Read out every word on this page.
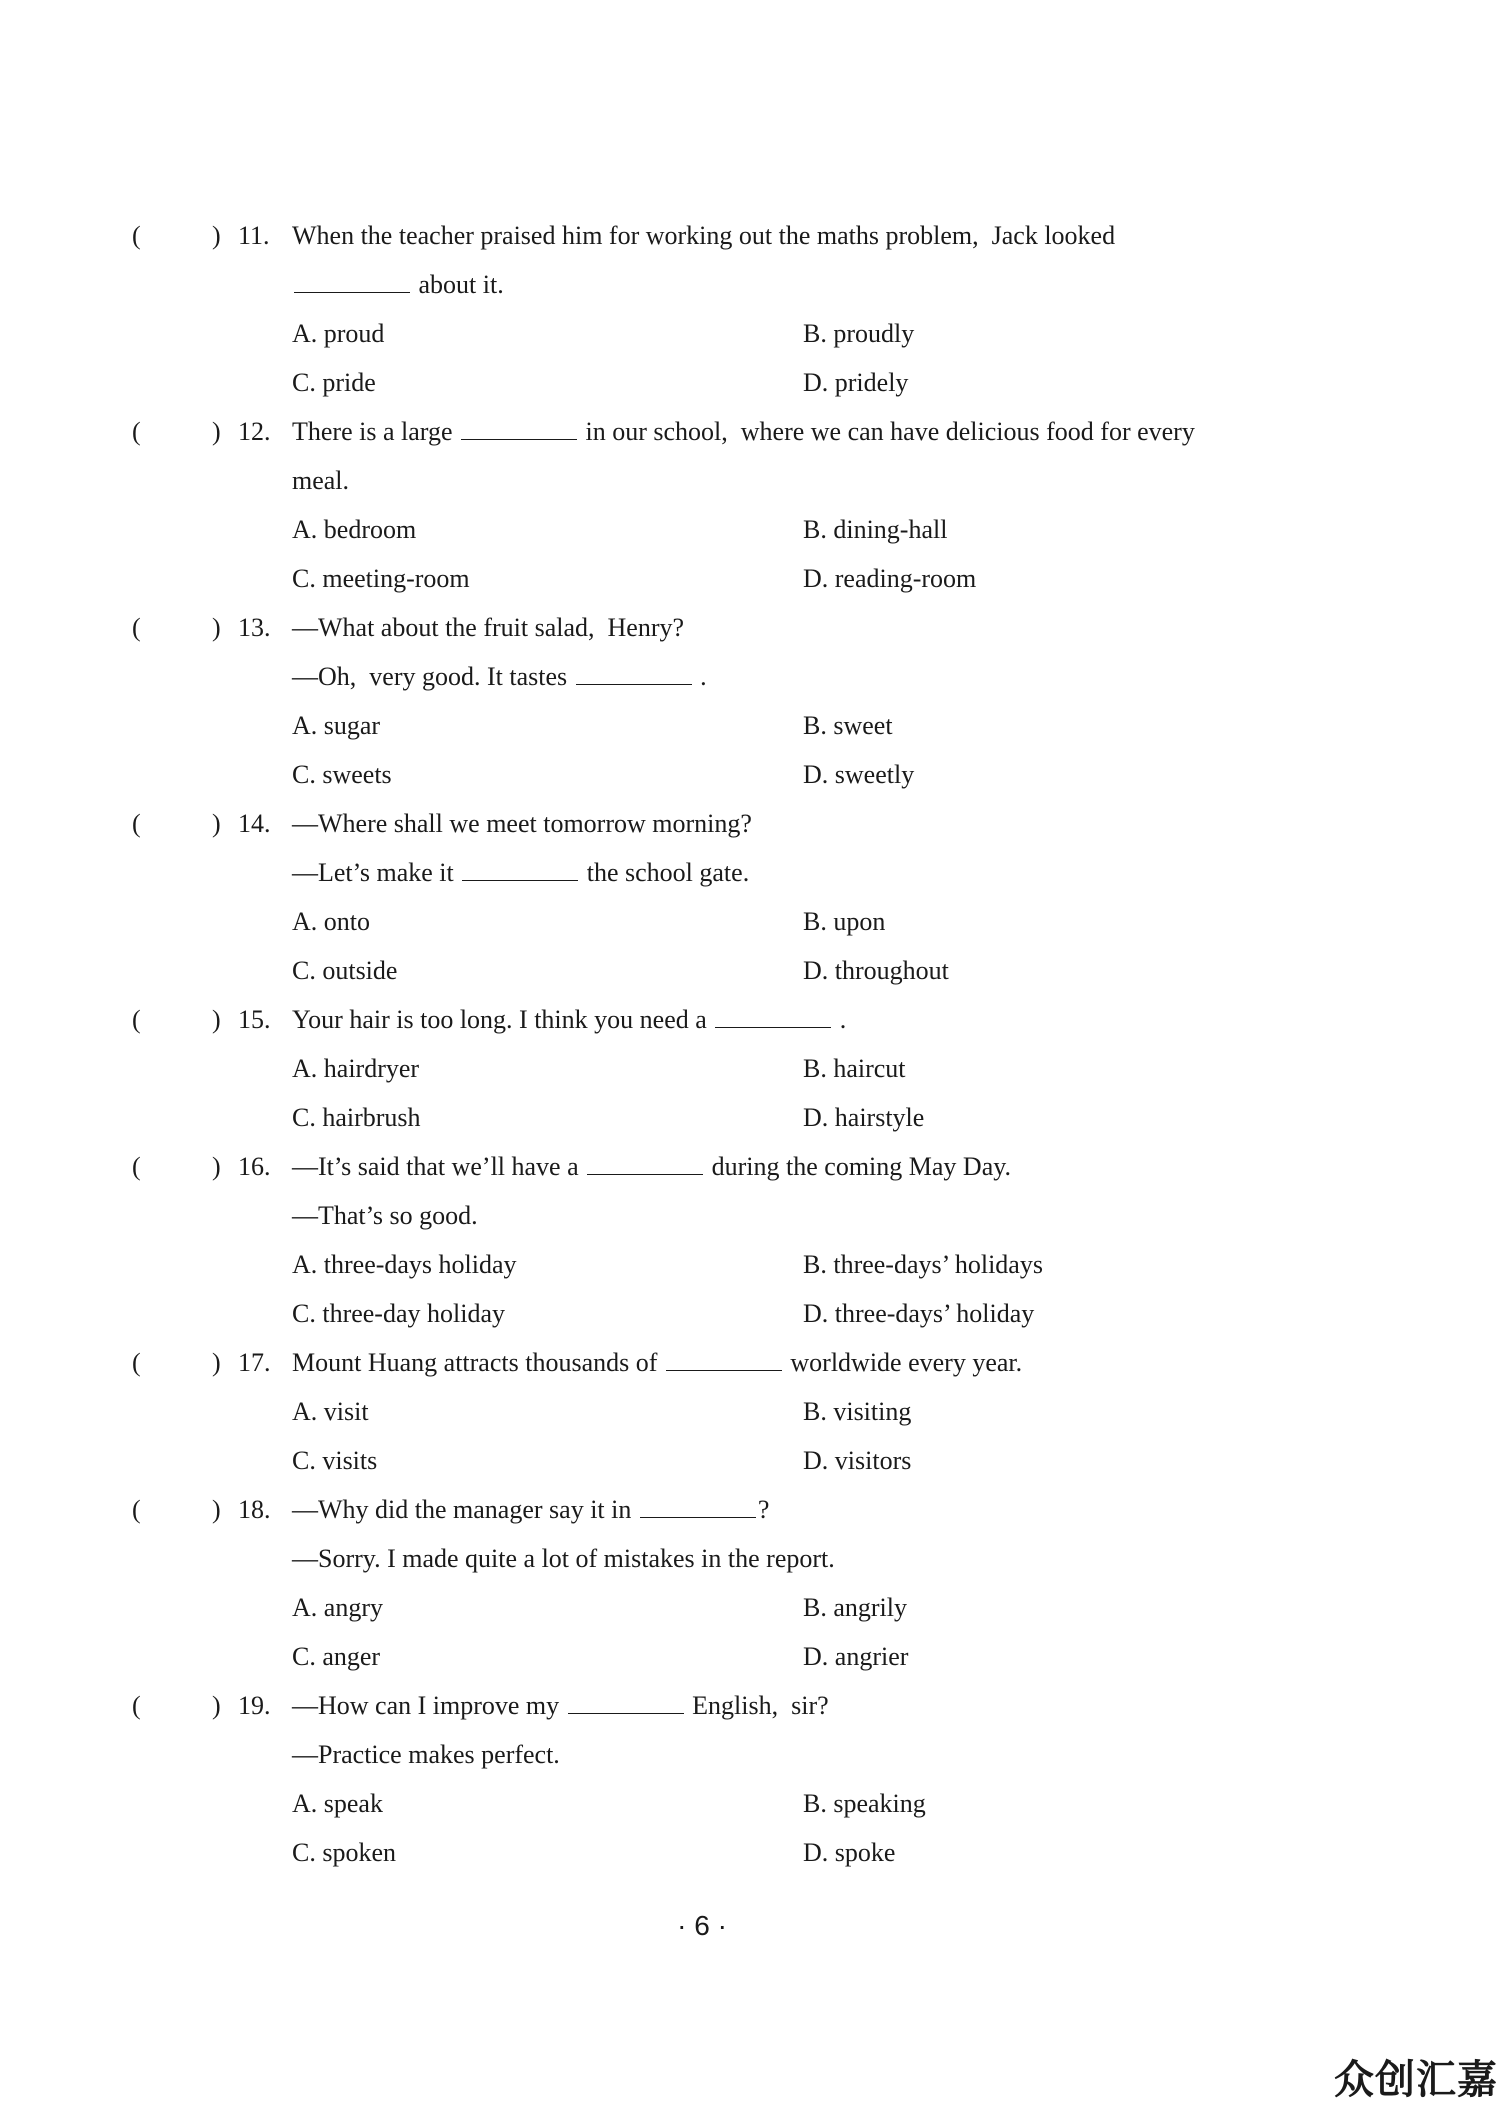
(	) 11. When the teacher praised him for working out the maths problem,  Jack looked
about it.
A. proud	B. proudly
C. pride	D. pridely
(	) 12. There is a large	in our school,  where we can have delicious food for every
meal.
A. bedroom	B. dining-hall
C. meeting-room	D. reading-room
(	) 13. —What about the fruit salad,  Henry?
—Oh,  very good. It tastes	.
A. sugar	B. sweet
C. sweets	D. sweetly
(	) 14. —Where shall we meet tomorrow morning?
—Let’s make it	the school gate.
A. onto	B. upon
C. outside	D. throughout
(	) 15. Your hair is too long. I think you need a	.
A. hairdryer	B. haircut
C. hairbrush	D. hairstyle
(	) 16. —It’s said that we’ll have a	during the coming May Day.
—That’s so good.
A. three-days holiday	B. three-days’ holidays
C. three-day holiday	D. three-days’ holiday
(	) 17. Mount Huang attracts thousands of	worldwide every year.
A. visit	B. visiting
C. visits	D. visitors
(	) 18. —Why did the manager say it in	?
—Sorry. I made quite a lot of mistakes in the report.
A. angry	B. angrily
C. anger	D. angrier
(	) 19. —How can I improve my	English,  sir?
—Practice makes perfect.
A. speak	B. speaking
C. spoken	D. spoke
· 6 ·
众创汇嘉
